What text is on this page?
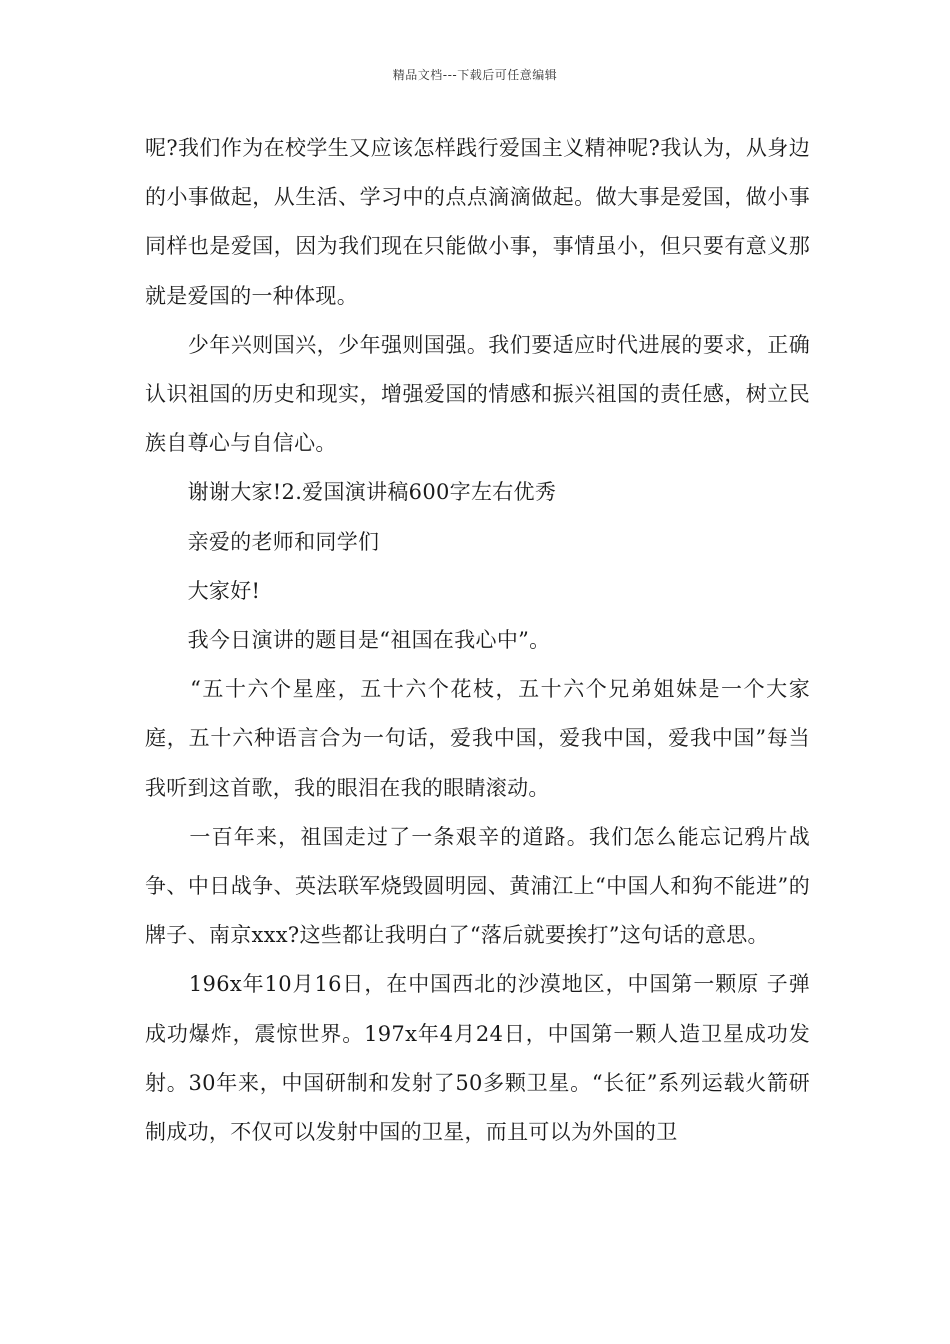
精品文档---下载后可任意编辑

呢?我们作为在校学生又应该怎样践行爱国主义精神呢?我认为，从身边的小事做起，从生活、学习中的点点滴滴做起。做大事是爱国，做小事同样也是爱国，因为我们现在只能做小事，事情虽小，但只要有意义那就是爱国的一种体现。

　　少年兴则国兴，少年强则国强。我们要适应时代进展的要求，正确认识祖国的历史和现实，增强爱国的情感和振兴祖国的责任感，树立民族自尊心与自信心。

　　谢谢大家!2.爱国演讲稿600字左右优秀

　　亲爱的老师和同学们

　　大家好!

　　我今日演讲的题目是“祖国在我心中”。

　　“五十六个星座，五十六个花枝，五十六个兄弟姐妹是一个大家庭，五十六种语言合为一句话，爱我中国，爱我中国，爱我中国”每当我听到这首歌，我的眼泪在我的眼睛滚动。

　　一百年来，祖国走过了一条艰辛的道路。我们怎么能忘记鸦片战争、中日战争、英法联军烧毁圆明园、黄浦江上“中国人和狗不能进”的牌子、南京xxx?这些都让我明白了“落后就要挨打”这句话的意思。

　　196x年10月16日，在中国西北的沙漠地区，中国第一颗原 子弹成功爆炸，震惊世界。197x年4月24日，中国第一颗人造卫星成功发射。30年来，中国研制和发射了50多颗卫星。“长征”系列运载火箭研制成功，不仅可以发射中国的卫星，而且可以为外国的卫
